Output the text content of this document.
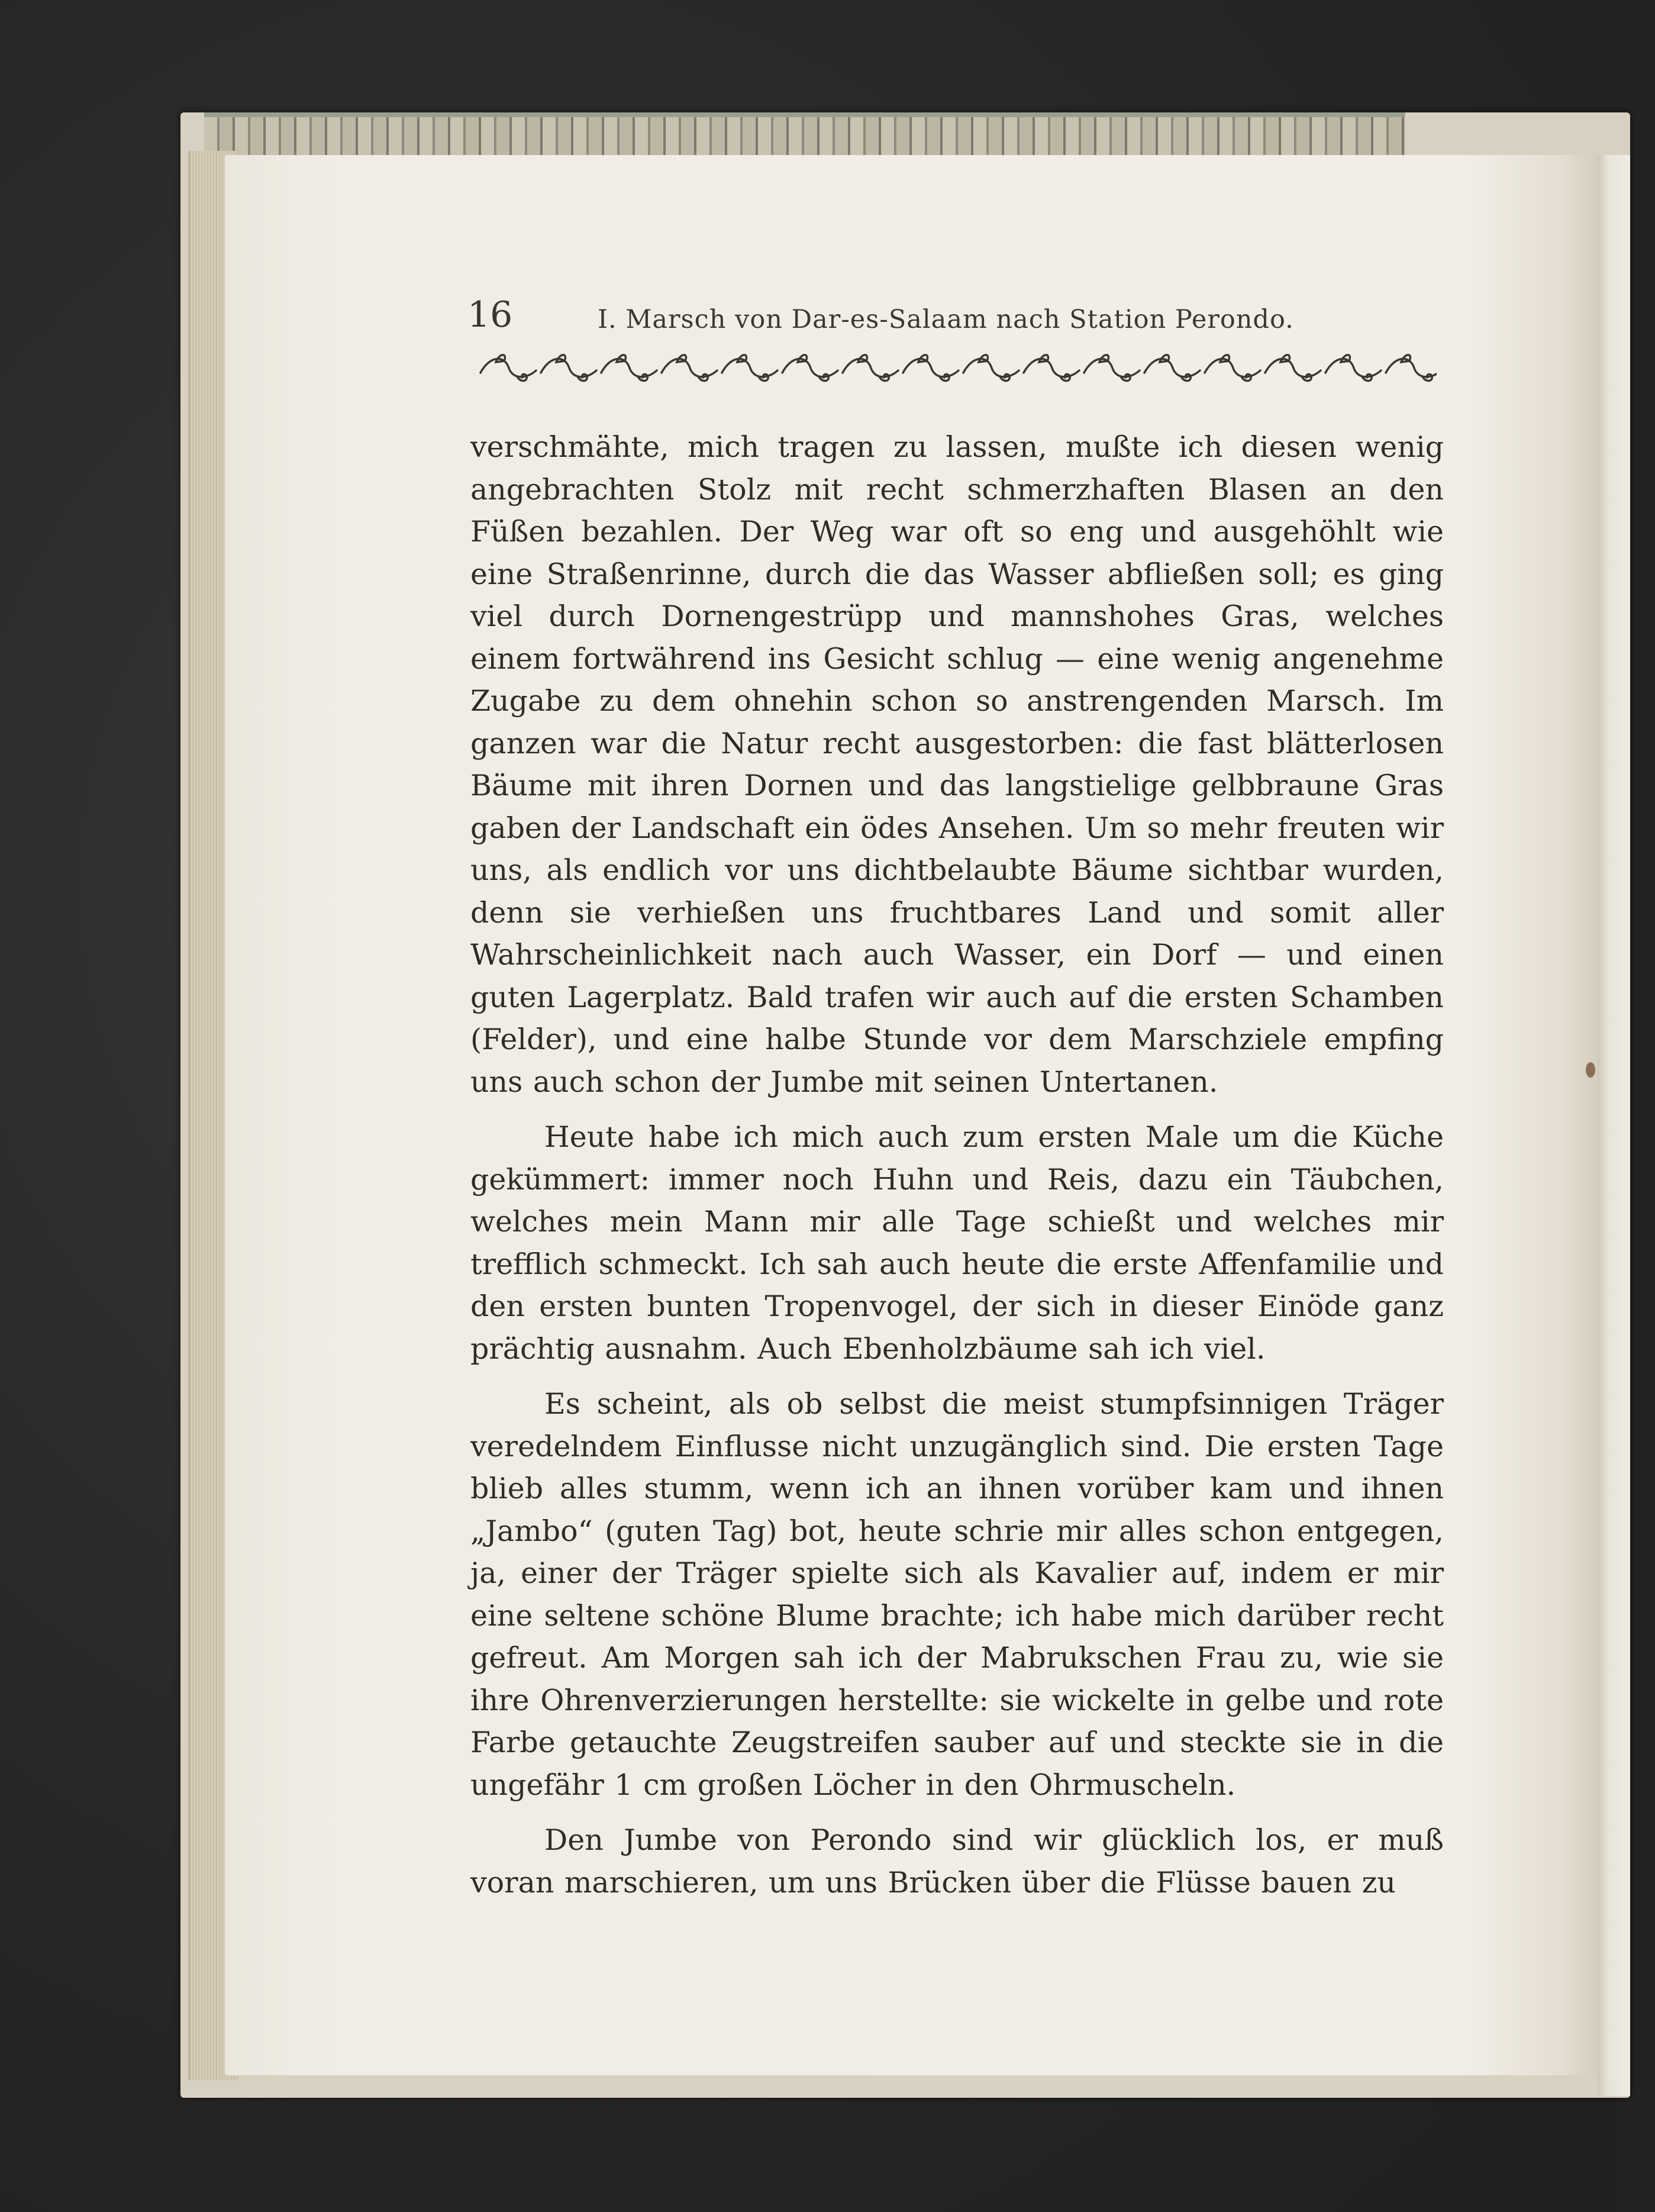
16	I. Marsch von Dar-es-Salaam nach Station Perondo.

verschmähte, mich tragen zu lassen, mußte ich diesen wenig angebrachten Stolz mit recht schmerzhaften Blasen an den Füßen bezahlen. Der Weg war oft so eng und ausgehöhlt wie eine Straßenrinne, durch die das Wasser abfließen soll; es ging viel durch Dornengestrüpp und mannshohes Gras, welches einem fortwährend ins Gesicht schlug — eine wenig angenehme Zugabe zu dem ohnehin schon so anstrengenden Marsch. Im ganzen war die Natur recht ausgestorben: die fast blätterlosen Bäume mit ihren Dornen und das langstielige gelbbraune Gras gaben der Landschaft ein ödes Ansehen. Um so mehr freuten wir uns, als endlich vor uns dichtbelaubte Bäume sichtbar wurden, denn sie verhießen uns fruchtbares Land und somit aller Wahrscheinlichkeit nach auch Wasser, ein Dorf — und einen guten Lagerplatz. Bald trafen wir auch auf die ersten Schamben (Felder), und eine halbe Stunde vor dem Marschziele empfing uns auch schon der Jumbe mit seinen Untertanen.

Heute habe ich mich auch zum ersten Male um die Küche gekümmert: immer noch Huhn und Reis, dazu ein Täubchen, welches mein Mann mir alle Tage schießt und welches mir trefflich schmeckt. Ich sah auch heute die erste Affenfamilie und den ersten bunten Tropenvogel, der sich in dieser Einöde ganz prächtig ausnahm. Auch Ebenholzbäume sah ich viel.

Es scheint, als ob selbst die meist stumpfsinnigen Träger veredelndem Einflusse nicht unzugänglich sind. Die ersten Tage blieb alles stumm, wenn ich an ihnen vorüber kam und ihnen „Jambo“ (guten Tag) bot, heute schrie mir alles schon entgegen, ja, einer der Träger spielte sich als Kavalier auf, indem er mir eine seltene schöne Blume brachte; ich habe mich darüber recht gefreut. Am Morgen sah ich der Mabrukschen Frau zu, wie sie ihre Ohrenverzierungen herstellte: sie wickelte in gelbe und rote Farbe getauchte Zeugstreifen sauber auf und steckte sie in die ungefähr 1 cm großen Löcher in den Ohrmuscheln.

Den Jumbe von Perondo sind wir glücklich los, er muß voran marschieren, um uns Brücken über die Flüsse bauen zu
